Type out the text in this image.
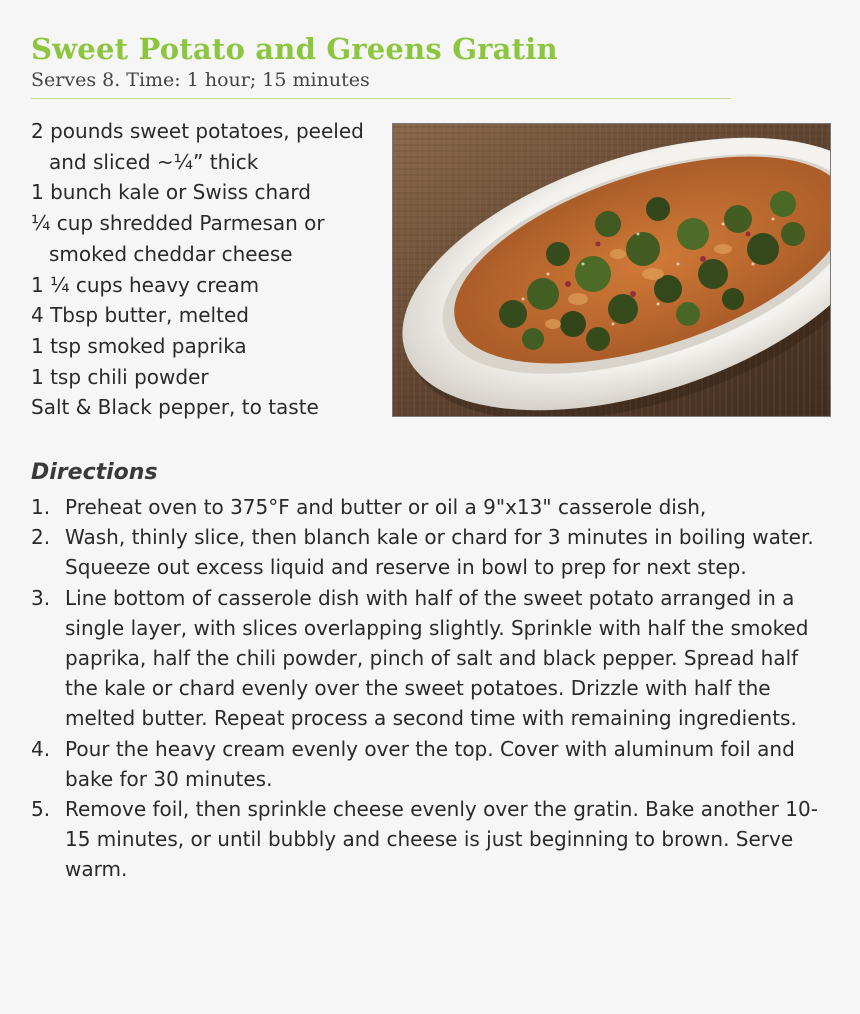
Sweet Potato and Greens Gratin
Serves 8. Time: 1 hour; 15 minutes
2 pounds sweet potatoes, peeled
and sliced ~¼” thick
1 bunch kale or Swiss chard
¼ cup shredded Parmesan or
smoked cheddar cheese
1 ¼ cups heavy cream
4 Tbsp butter, melted
1 tsp smoked paprika
1 tsp chili powder
Salt & Black pepper, to taste
Directions
1. Preheat oven to 375°F and butter or oil a 9"x13" casserole dish,
2. Wash, thinly slice, then blanch kale or chard for 3 minutes in boiling water. Squeeze out excess liquid and reserve in bowl to prep for next step.
3. Line bottom of casserole dish with half of the sweet potato arranged in a single layer, with slices overlapping slightly. Sprinkle with half the smoked paprika, half the chili powder, pinch of salt and black pepper. Spread half the kale or chard evenly over the sweet potatoes. Drizzle with half the melted butter. Repeat process a second time with remaining ingredients.
4. Pour the heavy cream evenly over the top. Cover with aluminum foil and bake for 30 minutes.
5. Remove foil, then sprinkle cheese evenly over the gratin. Bake another 10-15 minutes, or until bubbly and cheese is just beginning to brown. Serve warm.
